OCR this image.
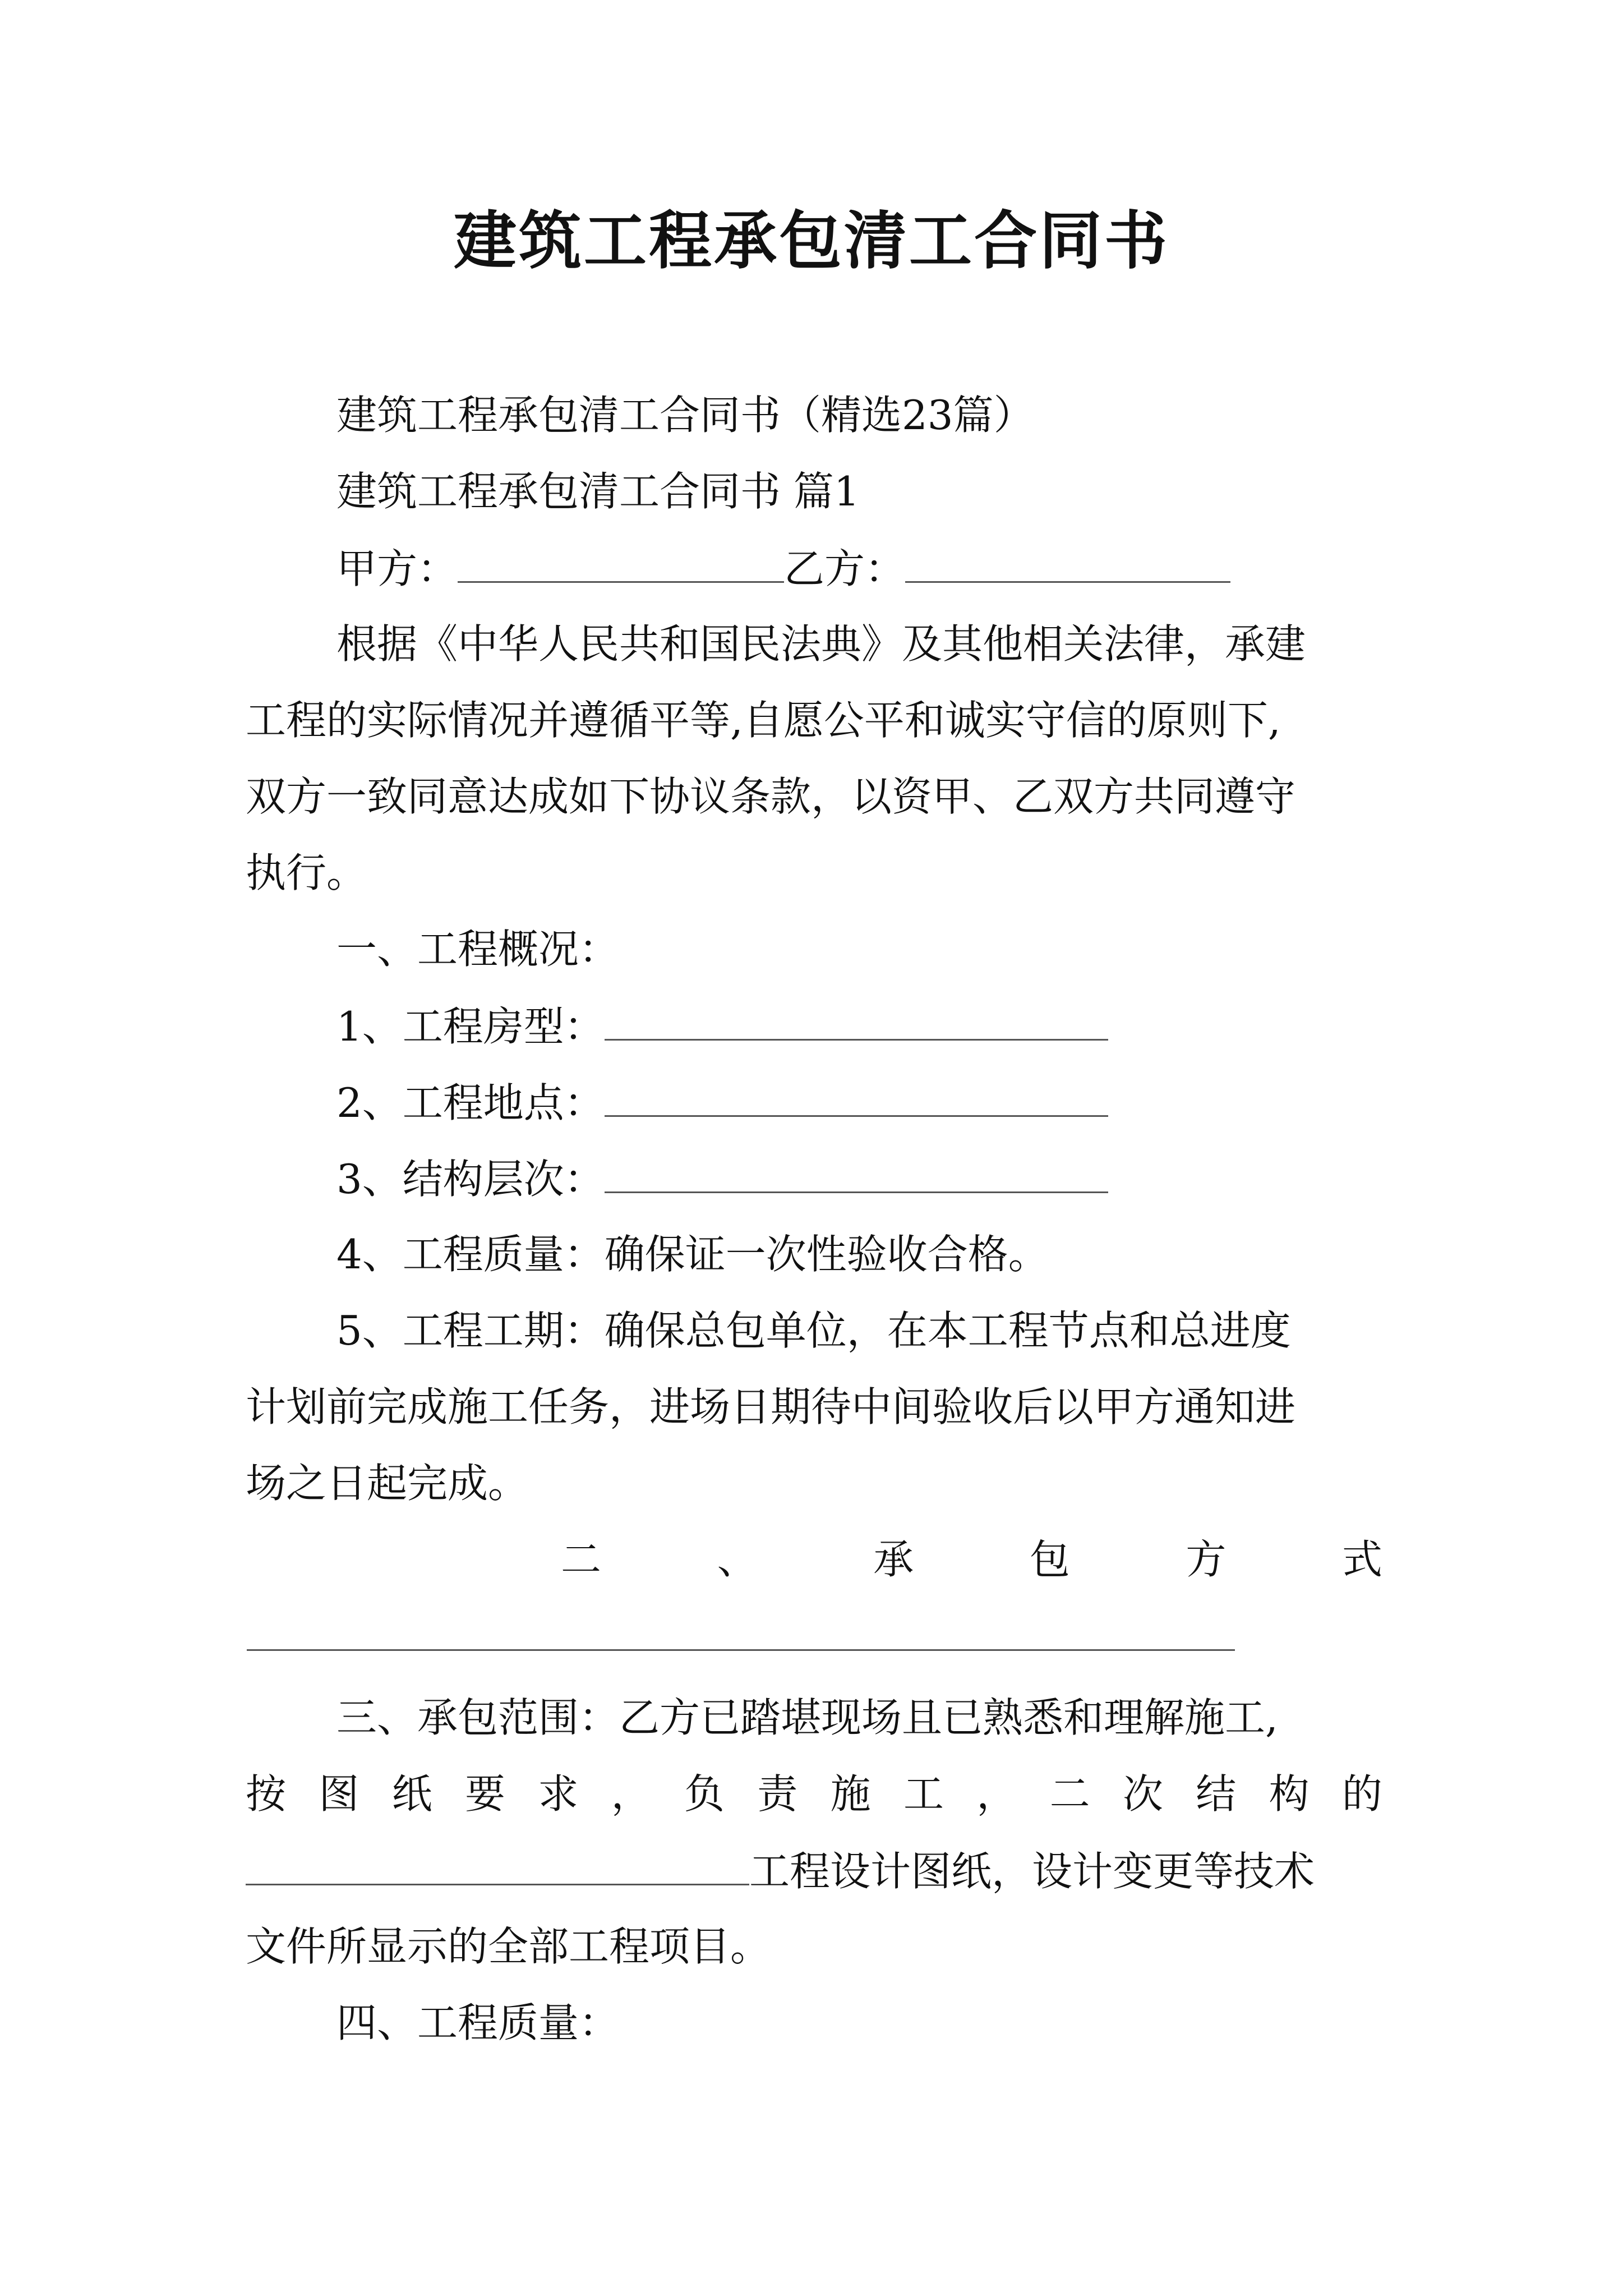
建筑工程承包清工合同书
建筑工程承包清工合同书（精选23篇）
建筑工程承包清工合同书 篇1
甲方：	乙方：
根据《中华人民共和国民法典》及其他相关法律，承建
工程的实际情况并遵循平等,自愿公平和诚实守信的原则下,
双方一致同意达成如下协议条款，以资甲、乙双方共同遵守
执行。
一、工程概况：
1、工程房型：
2、工程地点：
3、结构层次：
4、工程质量：确保证一次性验收合格。
5、工程工期：确保总包单位，在本工程节点和总进度
计划前完成施工任务，进场日期待中间验收后以甲方通知进
场之日起完成。
二	、	承	包	方	式
三、承包范围：乙方已踏堪现场且已熟悉和理解施工,
按 图 纸 要 求 ， 负 责 施 工 ， 二 次 结 构 的
工程设计图纸，设计变更等技术
文件所显示的全部工程项目。
四、工程质量：
